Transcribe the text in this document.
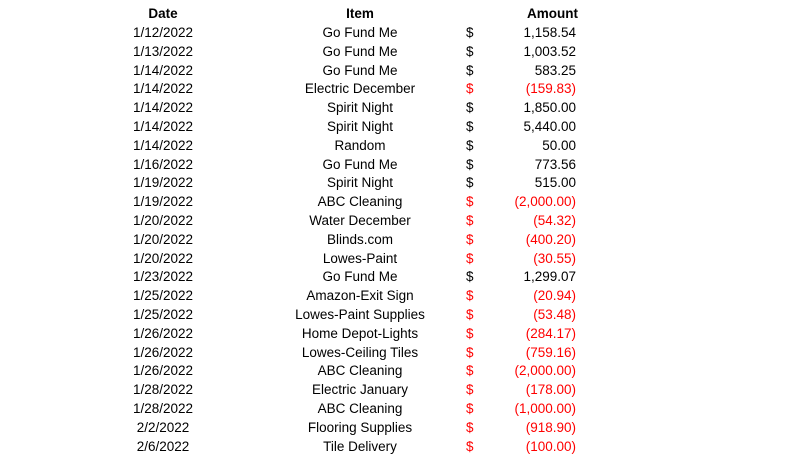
Date	Item	Amount
1/12/2022	Go Fund Me	$	1,158.54
1/13/2022	Go Fund Me	$	1,003.52
1/14/2022	Go Fund Me	$	583.25
1/14/2022	Electric December	$	(159.83)
1/14/2022	Spirit Night	$	1,850.00
1/14/2022	Spirit Night	$	5,440.00
1/14/2022	Random	$	50.00
1/16/2022	Go Fund Me	$	773.56
1/19/2022	Spirit Night	$	515.00
1/19/2022	ABC Cleaning	$	(2,000.00)
1/20/2022	Water December	$	(54.32)
1/20/2022	Blinds.com	$	(400.20)
1/20/2022	Lowes-Paint	$	(30.55)
1/23/2022	Go Fund Me	$	1,299.07
1/25/2022	Amazon-Exit Sign	$	(20.94)
1/25/2022	Lowes-Paint Supplies	$	(53.48)
1/26/2022	Home Depot-Lights	$	(284.17)
1/26/2022	Lowes-Ceiling Tiles	$	(759.16)
1/26/2022	ABC Cleaning	$	(2,000.00)
1/28/2022	Electric January	$	(178.00)
1/28/2022	ABC Cleaning	$	(1,000.00)
2/2/2022	Flooring Supplies	$	(918.90)
2/6/2022	Tile Delivery	$	(100.00)
